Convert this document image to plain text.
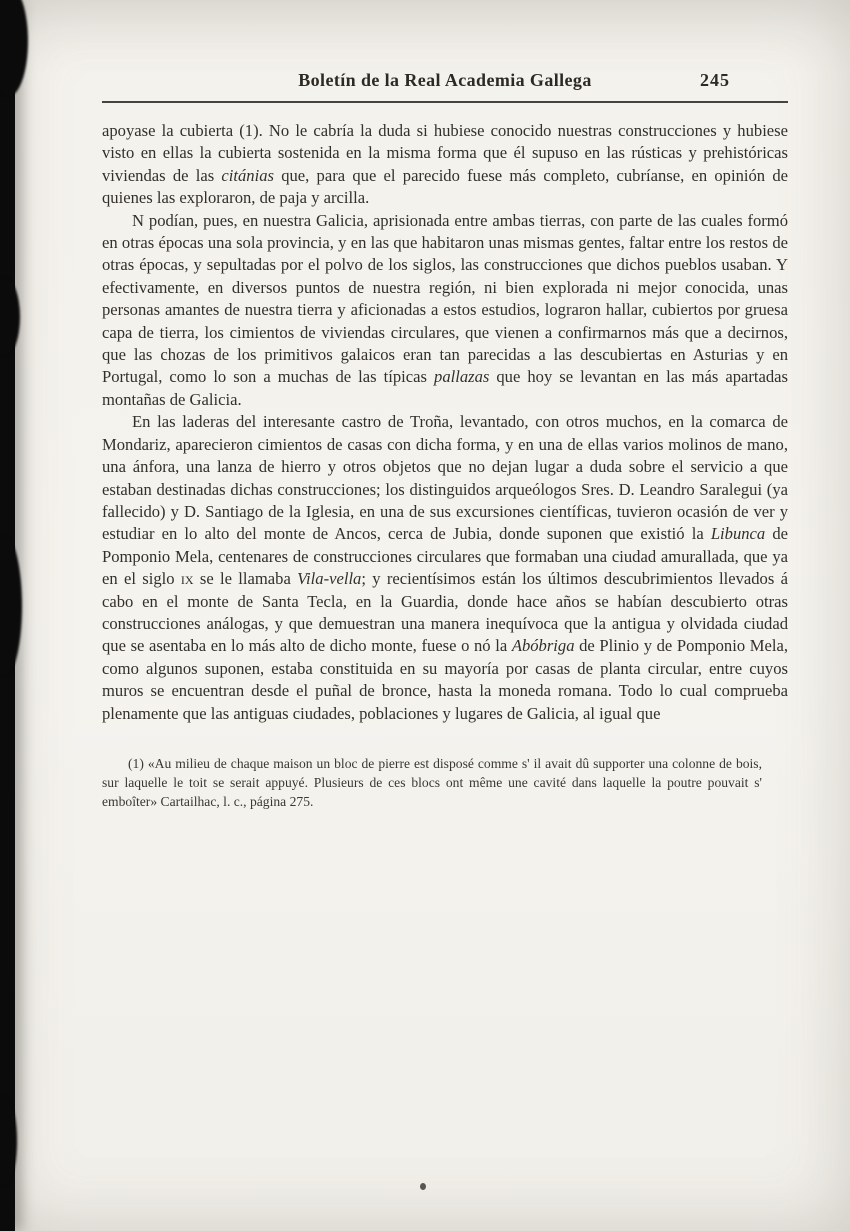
Boletín de la Real Academia Gallega	245

apoyase la cubierta (1). No le cabría la duda si hubiese conocido nuestras construcciones y hubiese visto en ellas la cubierta sostenida en la misma forma que él supuso en las rústicas y prehistóricas viviendas de las citánias que, para que el parecido fuese más completo, cubríanse, en opinión de quienes las exploraron, de paja y arcilla.

N podían, pues, en nuestra Galicia, aprisionada entre ambas tierras, con parte de las cuales formó en otras épocas una sola provincia, y en las que habitaron unas mismas gentes, faltar entre los restos de otras épocas, y sepultadas por el polvo de los siglos, las construcciones que dichos pueblos usaban. Y efectivamente, en diversos puntos de nuestra región, ni bien explorada ni mejor conocida, unas personas amantes de nuestra tierra y aficionadas a estos estudios, lograron hallar, cubiertos por gruesa capa de tierra, los cimientos de viviendas circulares, que vienen a confirmarnos más que a decirnos, que las chozas de los primitivos galaicos eran tan parecidas a las descubiertas en Asturias y en Portugal, como lo son a muchas de las típicas pallazas que hoy se levantan en las más apartadas montañas de Galicia.

En las laderas del interesante castro de Troña, levantado, con otros muchos, en la comarca de Mondariz, aparecieron cimientos de casas con dicha forma, y en una de ellas varios molinos de mano, una ánfora, una lanza de hierro y otros objetos que no dejan lugar a duda sobre el servicio a que estaban destinadas dichas construcciones; los distinguidos arqueólogos Sres. D. Leandro Saralegui (ya fallecido) y D. Santiago de la Iglesia, en una de sus excursiones científicas, tuvieron ocasión de ver y estudiar en lo alto del monte de Ancos, cerca de Jubia, donde suponen que existió la Libunca de Pomponio Mela, centenares de construcciones circulares que formaban una ciudad amurallada, que ya en el siglo ix se le llamaba Vila-vella; y recientísimos están los últimos descubrimientos llevados á cabo en el monte de Santa Tecla, en la Guardia, donde hace años se habían descubierto otras construcciones análogas, y que demuestran una manera inequívoca que la antigua y olvidada ciudad que se asentaba en lo más alto de dicho monte, fuese o nó la Abóbriga de Plinio y de Pomponio Mela, como algunos suponen, estaba constituida en su mayoría por casas de planta circular, entre cuyos muros se encuentran desde el puñal de bronce, hasta la moneda romana. Todo lo cual comprueba plenamente que las antiguas ciudades, poblaciones y lugares de Galicia, al igual que

(1) «Au milieu de chaque maison un bloc de pierre est disposé comme s' il avait dû supporter una colonne de bois, sur laquelle le toit se serait appuyé. Plusieurs de ces blocs ont même une cavité dans laquelle la poutre pouvait s' emboîter» Cartailhac, l. c., página 275.
